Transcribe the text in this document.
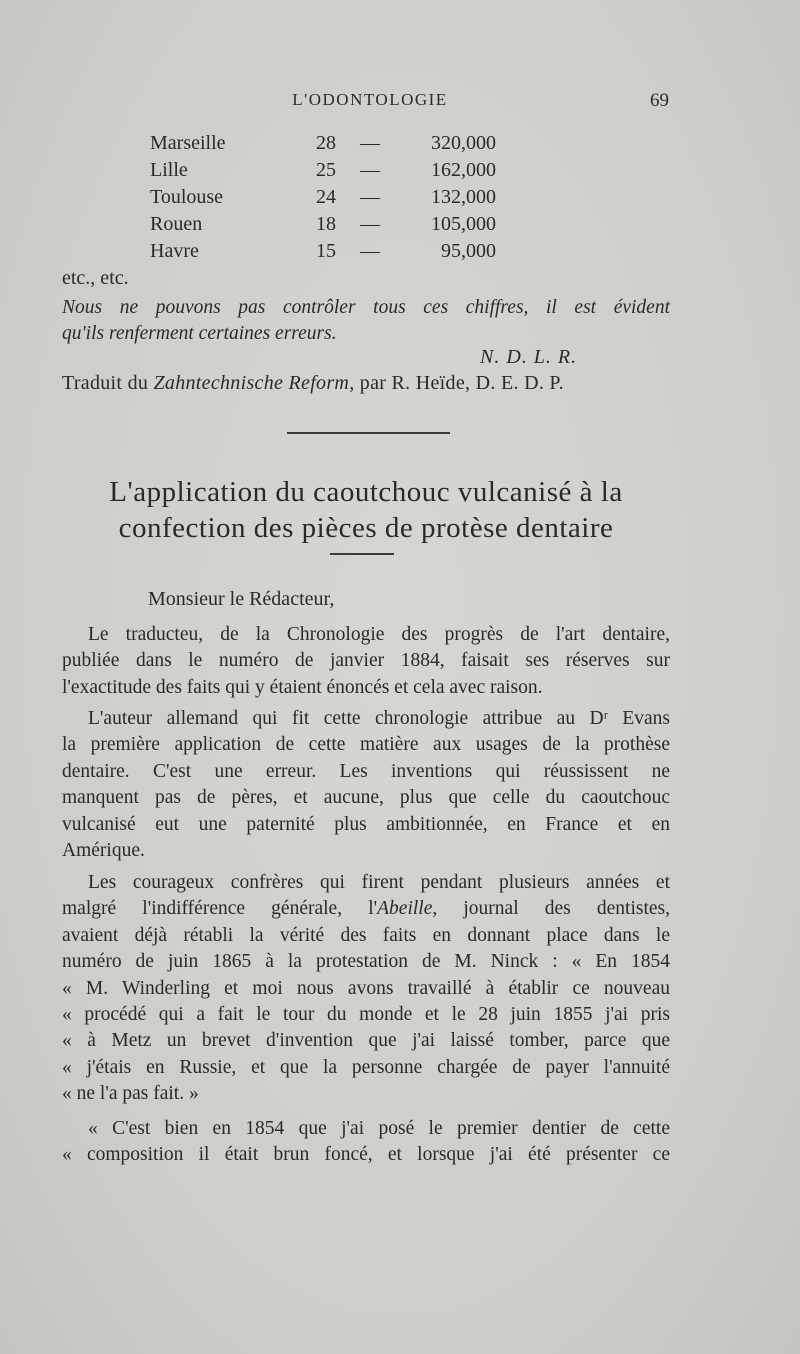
L'ODONTOLOGIE	69
Marseille	28	—	320,000
Lille	25	—	162,000
Toulouse	24	—	132,000
Rouen	18	—	105,000
Havre	15	—	95,000
etc., etc.
Nous ne pouvons pas contrôler tous ces chiffres, il est évident
qu'ils renferment certaines erreurs.
N. D. L. R.
Traduit du Zahntechnische Reform, par R. Heïde, D. E. D. P.
L'application du caoutchouc vulcanisé à la
confection des pièces de protèse dentaire
Monsieur le Rédacteur,
Le traducteu, de la Chronologie des progrès de l'art dentaire,
publiée dans le numéro de janvier 1884, faisait ses réserves sur
l'exactitude des faits qui y étaient énoncés et cela avec raison.
L'auteur allemand qui fit cette chronologie attribue au Dʳ Evans
la première application de cette matière aux usages de la prothèse
dentaire. C'est une erreur. Les inventions qui réussissent ne
manquent pas de pères, et aucune, plus que celle du caoutchouc
vulcanisé eut une paternité plus ambitionnée, en France et en
Amérique.
Les courageux confrères qui firent pendant plusieurs années et
malgré l'indifférence générale, l'Abeille, journal des dentistes,
avaient déjà rétabli la vérité des faits en donnant place dans le
numéro de juin 1865 à la protestation de M. Ninck : « En 1854
« M. Winderling et moi nous avons travaillé à établir ce nouveau
« procédé qui a fait le tour du monde et le 28 juin 1855 j'ai pris
« à Metz un brevet d'invention que j'ai laissé tomber, parce que
« j'étais en Russie, et que la personne chargée de payer l'annuité
« ne l'a pas fait. »
« C'est bien en 1854 que j'ai posé le premier dentier de cette
« composition il était brun foncé, et lorsque j'ai été présenter ce
